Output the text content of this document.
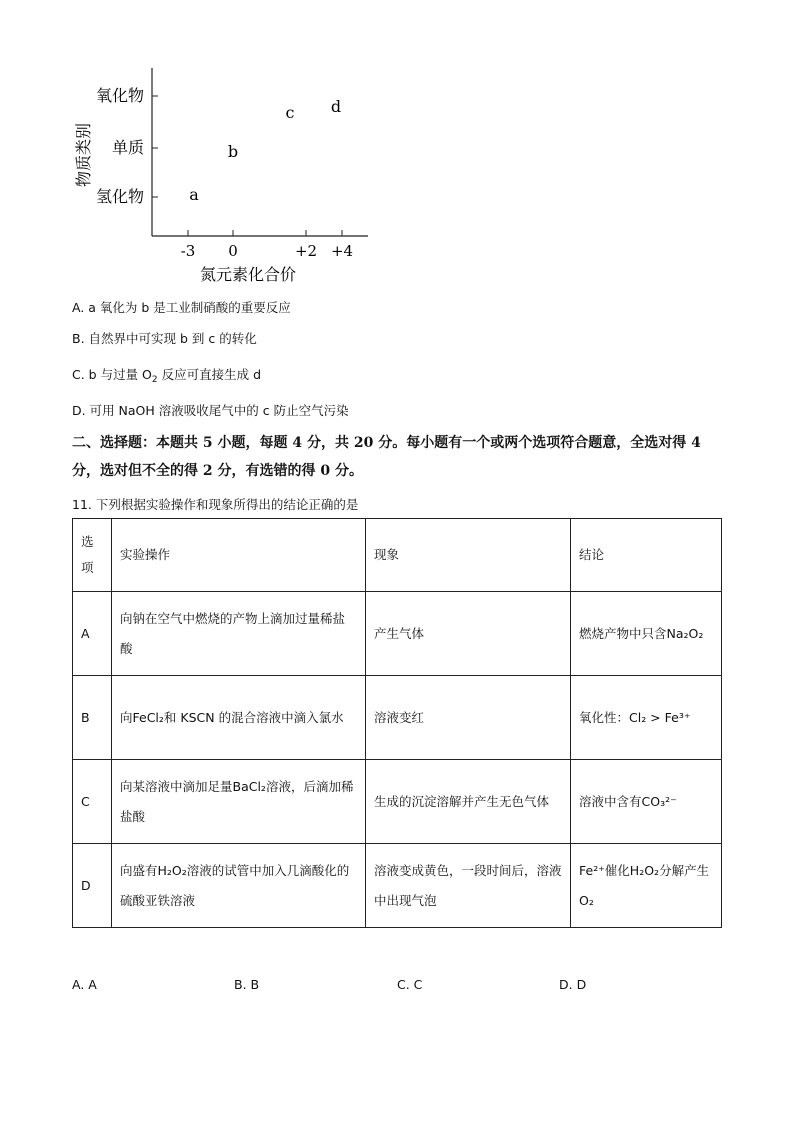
氧化物
单质
氢化物
-3 0	+2 +4
氮元素化合价
物质类别
a
b
c d
A. a 氧化为 b 是工业制硝酸的重要反应
B. 自然界中可实现 b 到 c 的转化
C. b 与过量 $O_2$ 反应可直接生成 d
D. 可用 NaOH 溶液吸收尾气中的 c 防止空气污染
二、选择题：本题共 5 小题，每题 4 分，共 20 分。每小题有一个或两个选项符合题意，全选对得 4 分，选对但不全的得 2 分，有选错的得 0 分。
11. 下列根据实验操作和现象所得出的结论正确的是
选项	实验操作	现象	结论
A	向钠在空气中燃烧的产物上滴加过量稀盐酸	产生气体	燃烧产物中只含Na₂O₂
B	向FeCl₂和 KSCN 的混合溶液中滴入氯水	溶液变红	氧化性：Cl₂ > Fe³⁺
C	向某溶液中滴加足量BaCl₂溶液，后滴加稀盐酸	生成的沉淀溶解并产生无色气体	溶液中含有CO₃²⁻
D	向盛有H₂O₂溶液的试管中加入几滴酸化的硫酸亚铁溶液	溶液变成黄色，一段时间后，溶液中出现气泡	Fe²⁺催化H₂O₂分解产生O₂
A. A	B. B	C. C	D. D
